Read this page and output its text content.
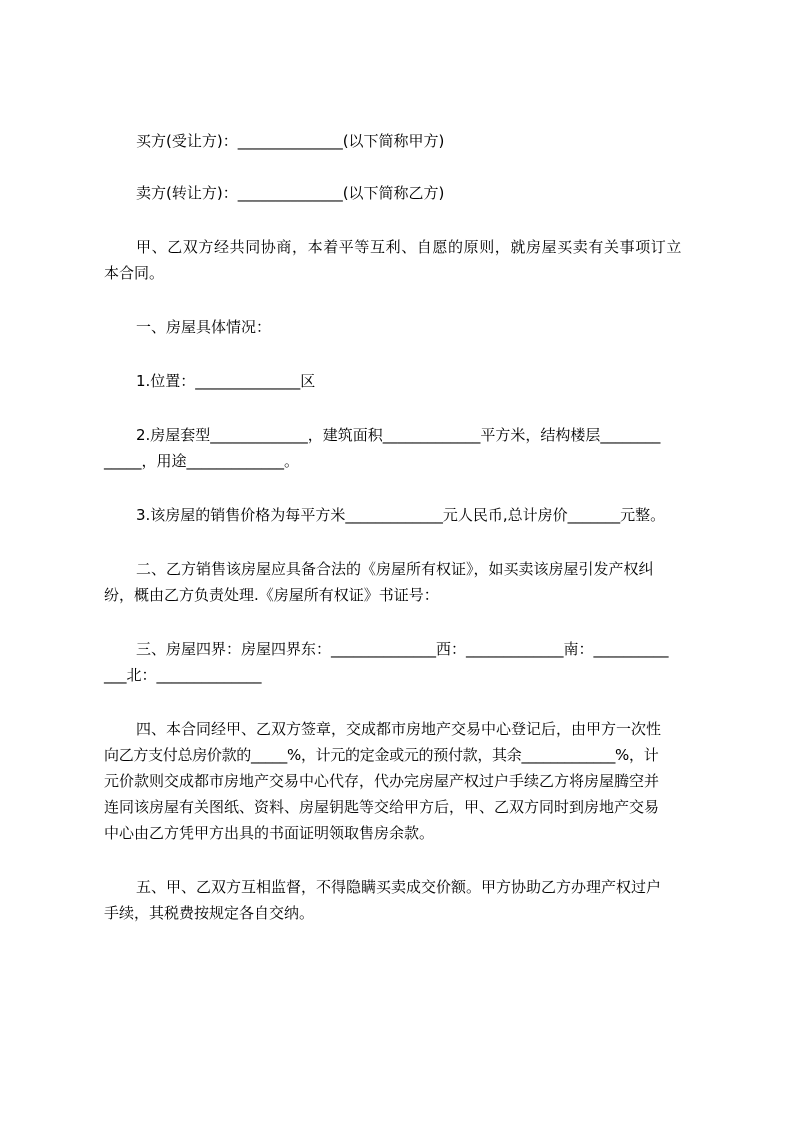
买方(受让方)：______________(以下简称甲方)
卖方(转让方)：______________(以下简称乙方)
甲、乙双方经共同协商，本着平等互利、自愿的原则，就房屋买卖有关事项订立
本合同。
一、房屋具体情况：
1.位置：______________区
2.房屋套型_____________，建筑面积_____________平方米，结构楼层________
_____，用途_____________。
3.该房屋的销售价格为每平方米_____________元人民币,总计房价_______元整。
二、乙方销售该房屋应具备合法的《房屋所有权证》，如买卖该房屋引发产权纠
纷，概由乙方负责处理.《房屋所有权证》书证号：
三、房屋四界：房屋四界东：______________西：_____________南：__________
___北：______________
四、本合同经甲、乙双方签章，交成都市房地产交易中心登记后，由甲方一次性
向乙方支付总房价款的_____%，计元的定金或元的预付款，其余_____________%，计
元价款则交成都市房地产交易中心代存，代办完房屋产权过户手续乙方将房屋腾空并
连同该房屋有关图纸、资料、房屋钥匙等交给甲方后，甲、乙双方同时到房地产交易
中心由乙方凭甲方出具的书面证明领取售房余款。
五、甲、乙双方互相监督，不得隐瞒买卖成交价额。甲方协助乙方办理产权过户
手续，其税费按规定各自交纳。
